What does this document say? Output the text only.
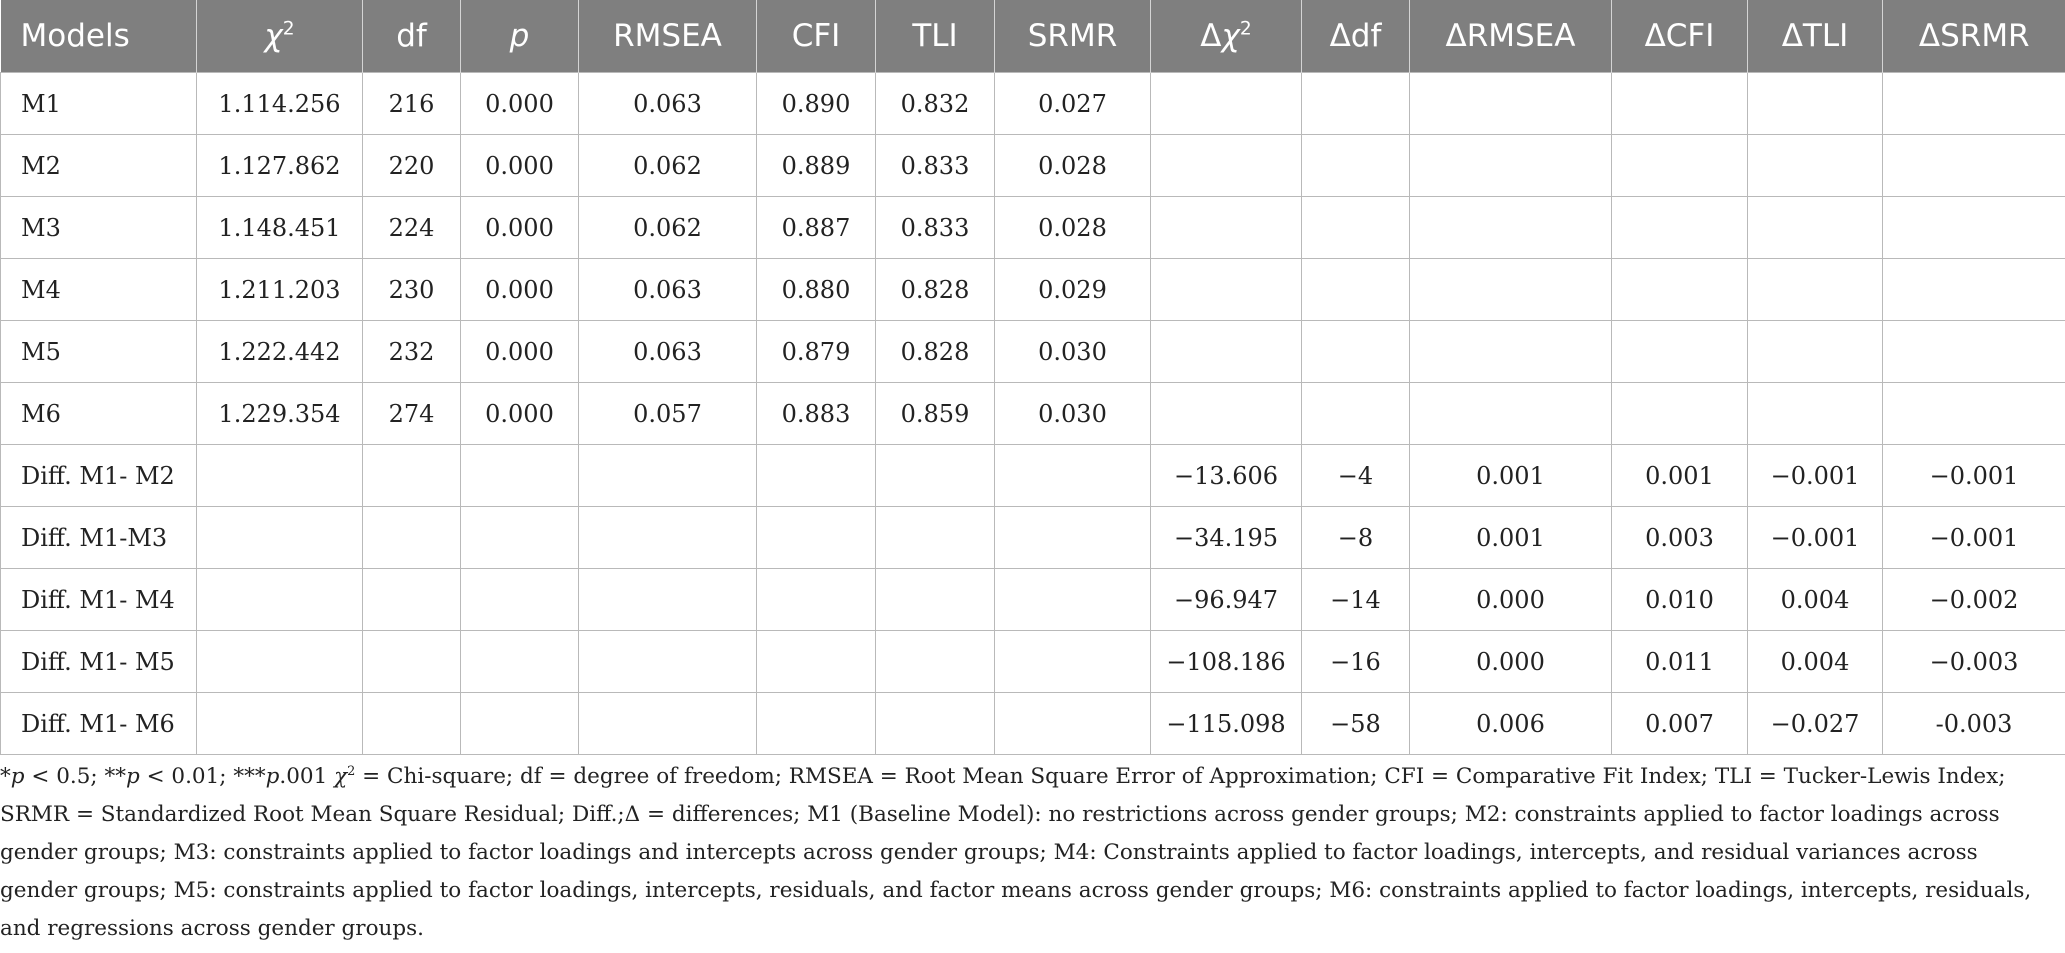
Models	$\chi^2$	df	p	RMSEA	CFI	TLI	SRMR	$\Delta\chi^2$	Δdf	ΔRMSEA	ΔCFI	ΔTLI	ΔSRMR
M1	1.114.256	216	0.000	0.063	0.890	0.832	0.027						
M2	1.127.862	220	0.000	0.062	0.889	0.833	0.028						
M3	1.148.451	224	0.000	0.062	0.887	0.833	0.028						
M4	1.211.203	230	0.000	0.063	0.880	0.828	0.029						
M5	1.222.442	232	0.000	0.063	0.879	0.828	0.030						
M6	1.229.354	274	0.000	0.057	0.883	0.859	0.030						
Diff. M1- M2								−13.606	−4	0.001	0.001	−0.001	−0.001
Diff. M1-M3								−34.195	−8	0.001	0.003	−0.001	−0.001
Diff. M1- M4								−96.947	−14	0.000	0.010	0.004	−0.002
Diff. M1- M5								−108.186	−16	0.000	0.011	0.004	−0.003
Diff. M1- M6								−115.098	−58	0.006	0.007	−0.027	-0.003
*p < 0.5; **p < 0.01; ***p.001 $\chi^2$ = Chi-square; df = degree of freedom; RMSEA = Root Mean Square Error of Approximation; CFI = Comparative Fit Index; TLI = Tucker-Lewis Index; SRMR = Standardized Root Mean Square Residual; Diff.;Δ = differences; M1 (Baseline Model): no restrictions across gender groups; M2: constraints applied to factor loadings across gender groups; M3: constraints applied to factor loadings and intercepts across gender groups; M4: Constraints applied to factor loadings, intercepts, and residual variances across gender groups; M5: constraints applied to factor loadings, intercepts, residuals, and factor means across gender groups; M6: constraints applied to factor loadings, intercepts, residuals, and regressions across gender groups.
